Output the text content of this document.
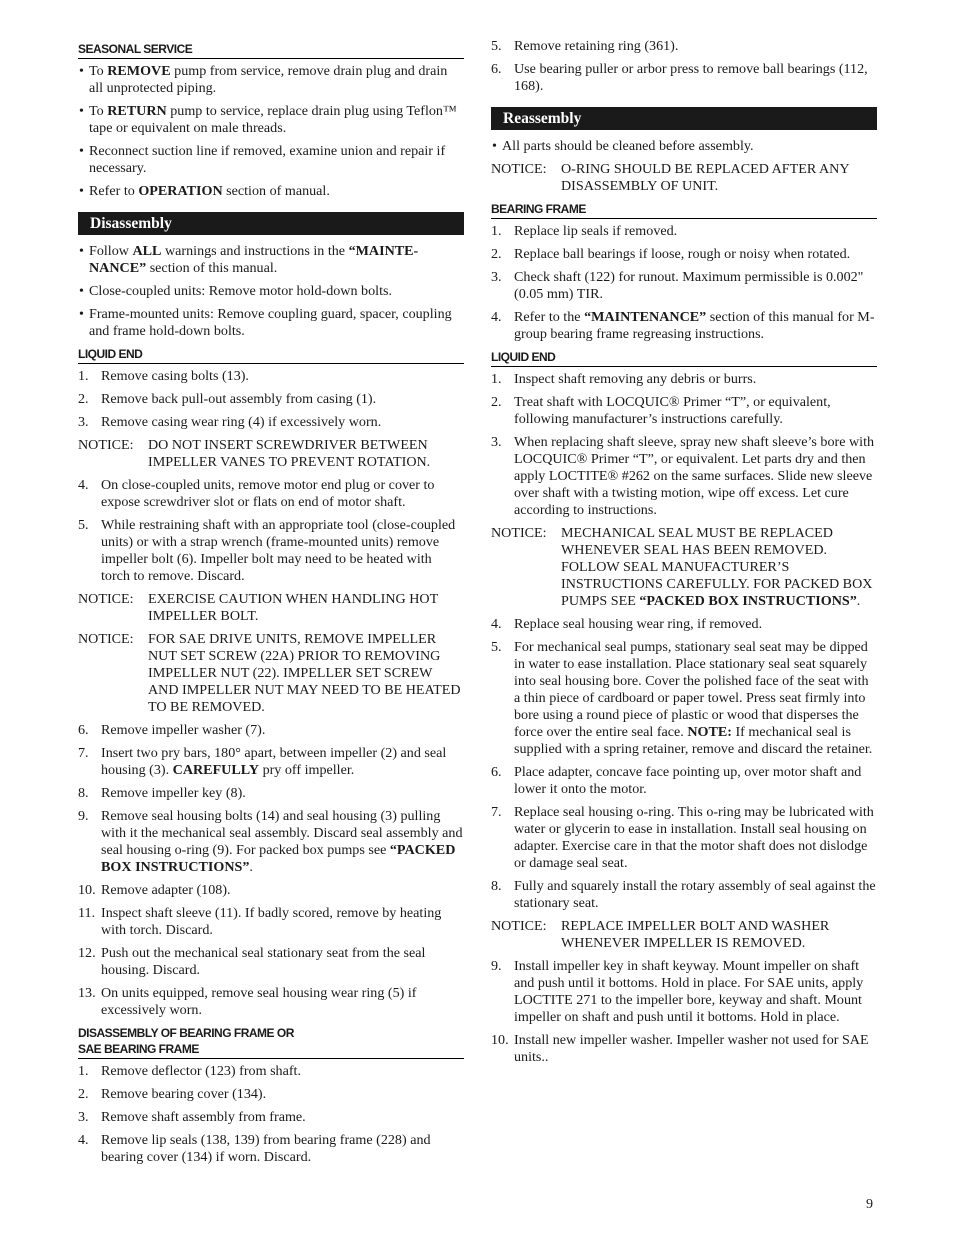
SEASONAL SERVICE
• To REMOVE pump from service, remove drain plug and drain all unprotected piping.
• To RETURN pump to service, replace drain plug using Teflon™ tape or equivalent on male threads.
• Reconnect suction line if removed, examine union and repair if necessary.
• Refer to OPERATION section of manual.
Disassembly
• Follow ALL warnings and instructions in the “MAINTE-NANCE” section of this manual.
• Close-coupled units: Remove motor hold-down bolts.
• Frame-mounted units: Remove coupling guard, spacer, coupling and frame hold-down bolts.
LIQUID END
1. Remove casing bolts (13).
2. Remove back pull-out assembly from casing (1).
3. Remove casing wear ring (4) if excessively worn.
NOTICE:	DO NOT INSERT SCREWDRIVER BETWEEN IMPELLER VANES TO PREVENT ROTATION.
4. On close-coupled units, remove motor end plug or cover to expose screwdriver slot or flats on end of motor shaft.
5. While restraining shaft with an appropriate tool (close-coupled units) or with a strap wrench (frame-mounted units) remove impeller bolt (6). Impeller bolt may need to be heated with torch to remove. Discard.
NOTICE:	EXERCISE CAUTION WHEN HANDLING HOT IMPELLER BOLT.
NOTICE:	FOR SAE DRIVE UNITS, REMOVE IMPELLER NUT SET SCREW (22A) PRIOR TO REMOVING IMPELLER NUT (22). IMPELLER SET SCREW AND IMPELLER NUT MAY NEED TO BE HEATED TO BE REMOVED.
6. Remove impeller washer (7).
7. Insert two pry bars, 180° apart, between impeller (2) and seal housing (3). CAREFULLY pry off impeller.
8. Remove impeller key (8).
9. Remove seal housing bolts (14) and seal housing (3) pulling with it the mechanical seal assembly. Discard seal assembly and seal housing o-ring (9). For packed box pumps see “PACKED BOX INSTRUCTIONS”.
10. Remove adapter (108).
11. Inspect shaft sleeve (11). If badly scored, remove by heating with torch. Discard.
12. Push out the mechanical seal stationary seat from the seal housing. Discard.
13. On units equipped, remove seal housing wear ring (5) if excessively worn.
DISASSEMBLY OF BEARING FRAME OR
SAE BEARING FRAME
1. Remove deflector (123) from shaft.
2. Remove bearing cover (134).
3. Remove shaft assembly from frame.
4. Remove lip seals (138, 139) from bearing frame (228) and bearing cover (134) if worn. Discard.
5. Remove retaining ring (361).
6. Use bearing puller or arbor press to remove ball bearings (112, 168).
Reassembly
• All parts should be cleaned before assembly.
NOTICE:	O-RING SHOULD BE REPLACED AFTER ANY DISASSEMBLY OF UNIT.
BEARING FRAME
1. Replace lip seals if removed.
2. Replace ball bearings if loose, rough or noisy when rotated.
3. Check shaft (122) for runout. Maximum permissible is 0.002" (0.05 mm) TIR.
4. Refer to the “MAINTENANCE” section of this manual for M-group bearing frame regreasing instructions.
LIQUID END
1. Inspect shaft removing any debris or burrs.
2. Treat shaft with LOCQUIC® Primer “T”, or equivalent, following manufacturer’s instructions carefully.
3. When replacing shaft sleeve, spray new shaft sleeve’s bore with LOCQUIC® Primer “T”, or equivalent. Let parts dry and then apply LOCTITE® #262 on the same surfaces. Slide new sleeve over shaft with a twisting motion, wipe off excess. Let cure according to instructions.
NOTICE:	MECHANICAL SEAL MUST BE REPLACED WHENEVER SEAL HAS BEEN REMOVED. FOLLOW SEAL MANUFACTURER’S INSTRUCTIONS CAREFULLY. FOR PACKED BOX PUMPS SEE “PACKED BOX INSTRUCTIONS”.
4. Replace seal housing wear ring, if removed.
5. For mechanical seal pumps, stationary seal seat may be dipped in water to ease installation. Place stationary seal seat squarely into seal housing bore. Cover the polished face of the seat with a thin piece of cardboard or paper towel. Press seat firmly into bore using a round piece of plastic or wood that disperses the force over the entire seal face. NOTE: If mechanical seal is supplied with a spring retainer, remove and discard the retainer.
6. Place adapter, concave face pointing up, over motor shaft and lower it onto the motor.
7. Replace seal housing o-ring. This o-ring may be lubricated with water or glycerin to ease in installation. Install seal housing on adapter. Exercise care in that the motor shaft does not dislodge or damage seal seat.
8. Fully and squarely install the rotary assembly of seal against the stationary seat.
NOTICE:	REPLACE IMPELLER BOLT AND WASHER WHENEVER IMPELLER IS REMOVED.
9. Install impeller key in shaft keyway. Mount impeller on shaft and push until it bottoms. Hold in place. For SAE units, apply LOCTITE 271 to the impeller bore, keyway and shaft. Mount impeller on shaft and push until it bottoms. Hold in place.
10. Install new impeller washer. Impeller washer not used for SAE units..
9
